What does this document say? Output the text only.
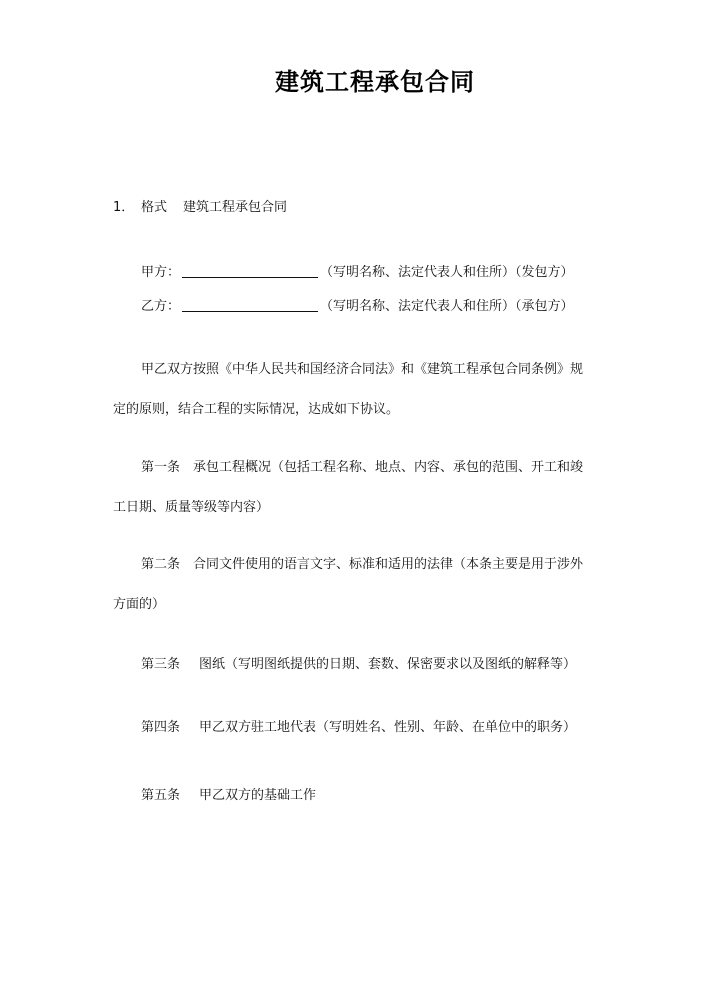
建筑工程承包合同
1． 格式 建筑工程承包合同
甲方：	（写明名称、法定代表人和住所）（发包方）
乙方：	（写明名称、法定代表人和住所）（承包方）
甲乙双方按照《中华人民共和国经济合同法》和《建筑工程承包合同条例》规
定的原则，结合工程的实际情况，达成如下协议。
第一条　承包工程概况（包括工程名称、地点、内容、承包的范围、开工和竣
工日期、质量等级等内容）
第二条　合同文件使用的语言文字、标准和适用的法律（本条主要是用于涉外
方面的）
第三条 图纸（写明图纸提供的日期、套数、保密要求以及图纸的解释等）
第四条 甲乙双方驻工地代表（写明姓名、性别、年龄、在单位中的职务）
第五条 甲乙双方的基础工作
